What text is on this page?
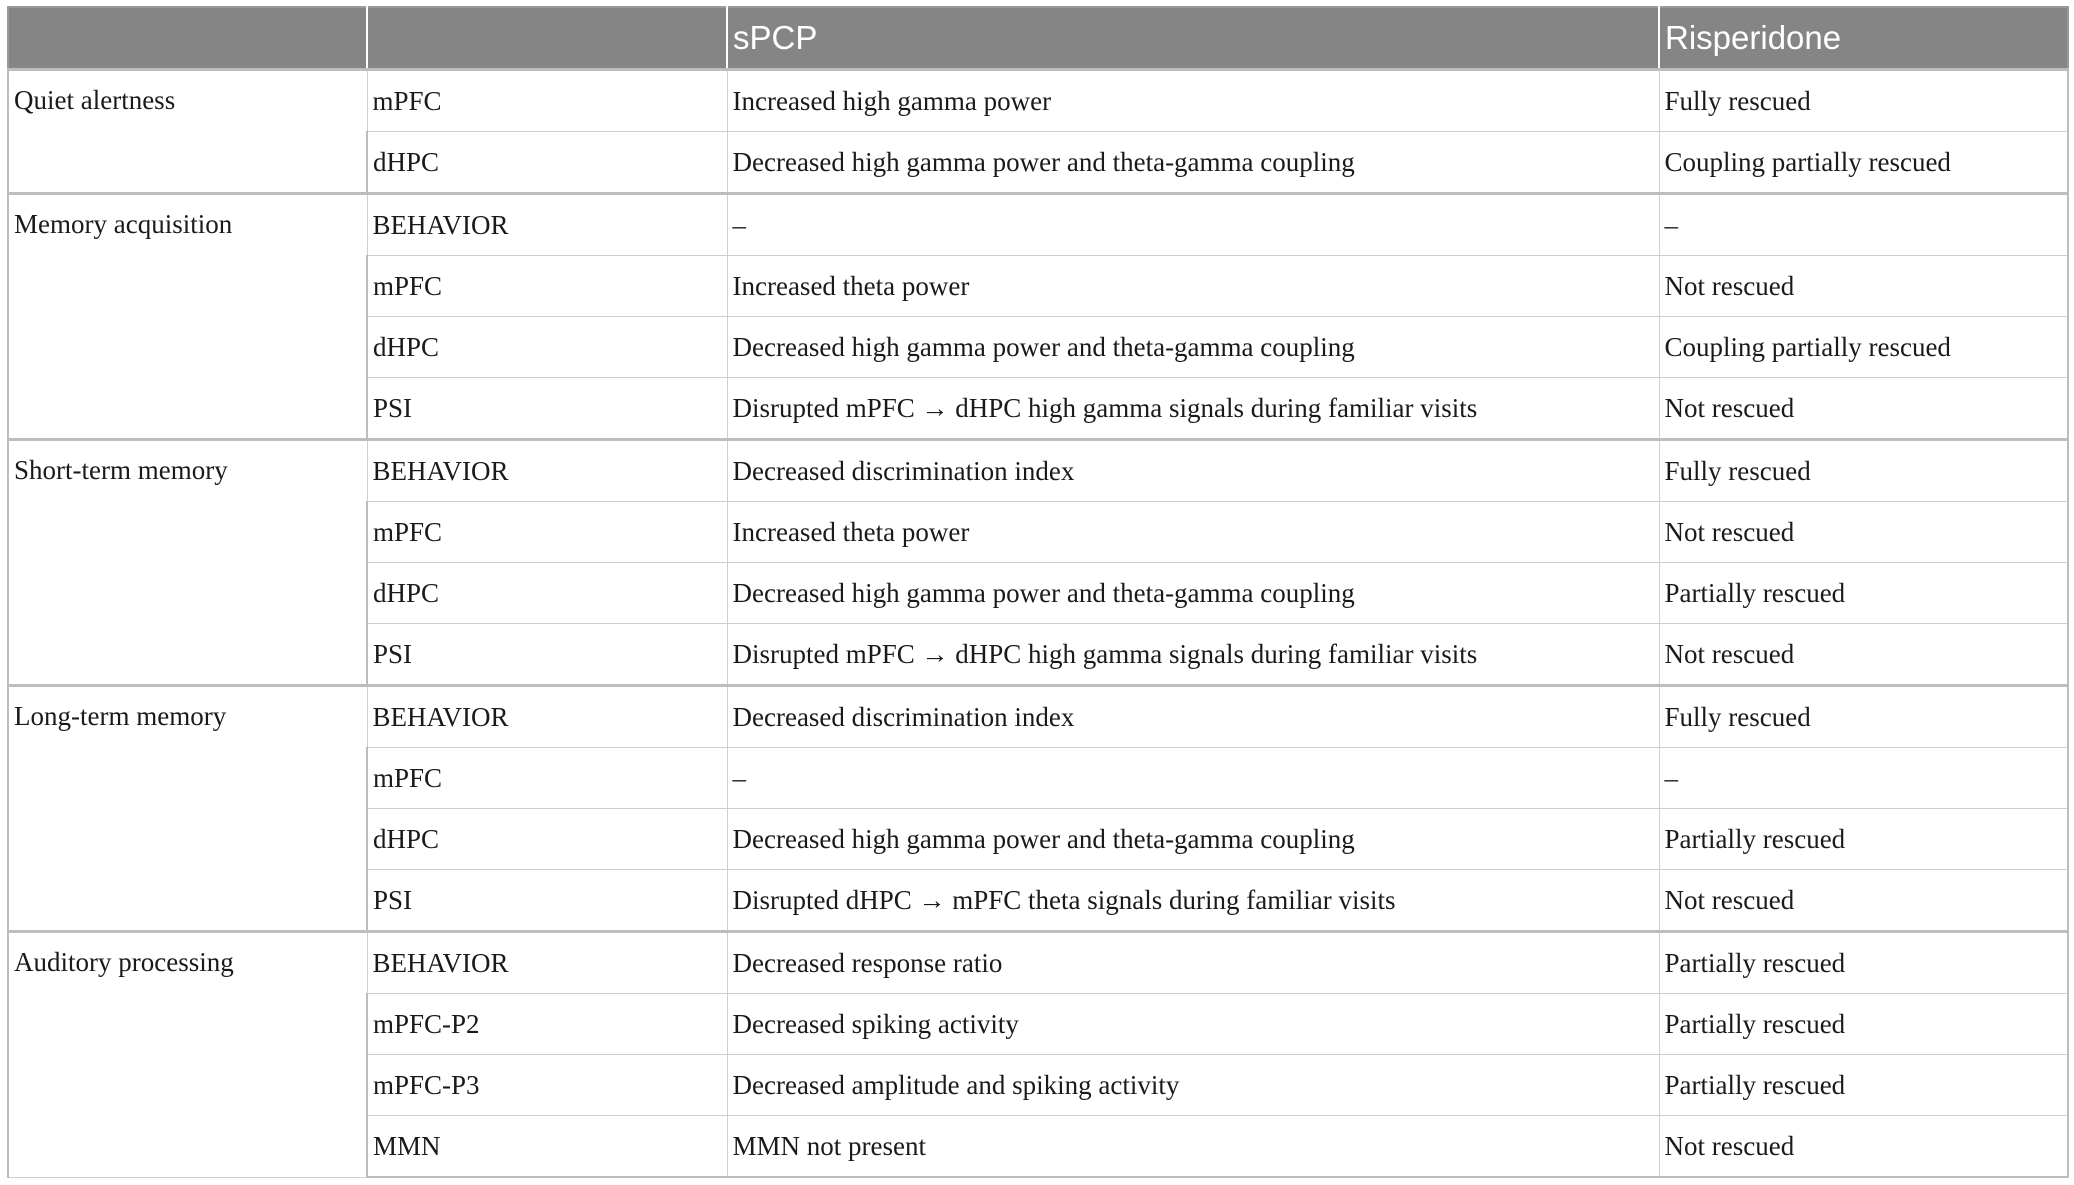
		sPCP	Risperidone
Quiet alertness	mPFC	Increased high gamma power	Fully rescued
	dHPC	Decreased high gamma power and theta-gamma coupling	Coupling partially rescued
Memory acquisition	BEHAVIOR	–	–
	mPFC	Increased theta power	Not rescued
	dHPC	Decreased high gamma power and theta-gamma coupling	Coupling partially rescued
	PSI	Disrupted mPFC → dHPC high gamma signals during familiar visits	Not rescued
Short-term memory	BEHAVIOR	Decreased discrimination index	Fully rescued
	mPFC	Increased theta power	Not rescued
	dHPC	Decreased high gamma power and theta-gamma coupling	Partially rescued
	PSI	Disrupted mPFC → dHPC high gamma signals during familiar visits	Not rescued
Long-term memory	BEHAVIOR	Decreased discrimination index	Fully rescued
	mPFC	–	–
	dHPC	Decreased high gamma power and theta-gamma coupling	Partially rescued
	PSI	Disrupted dHPC → mPFC theta signals during familiar visits	Not rescued
Auditory processing	BEHAVIOR	Decreased response ratio	Partially rescued
	mPFC-P2	Decreased spiking activity	Partially rescued
	mPFC-P3	Decreased amplitude and spiking activity	Partially rescued
	MMN	MMN not present	Not rescued
